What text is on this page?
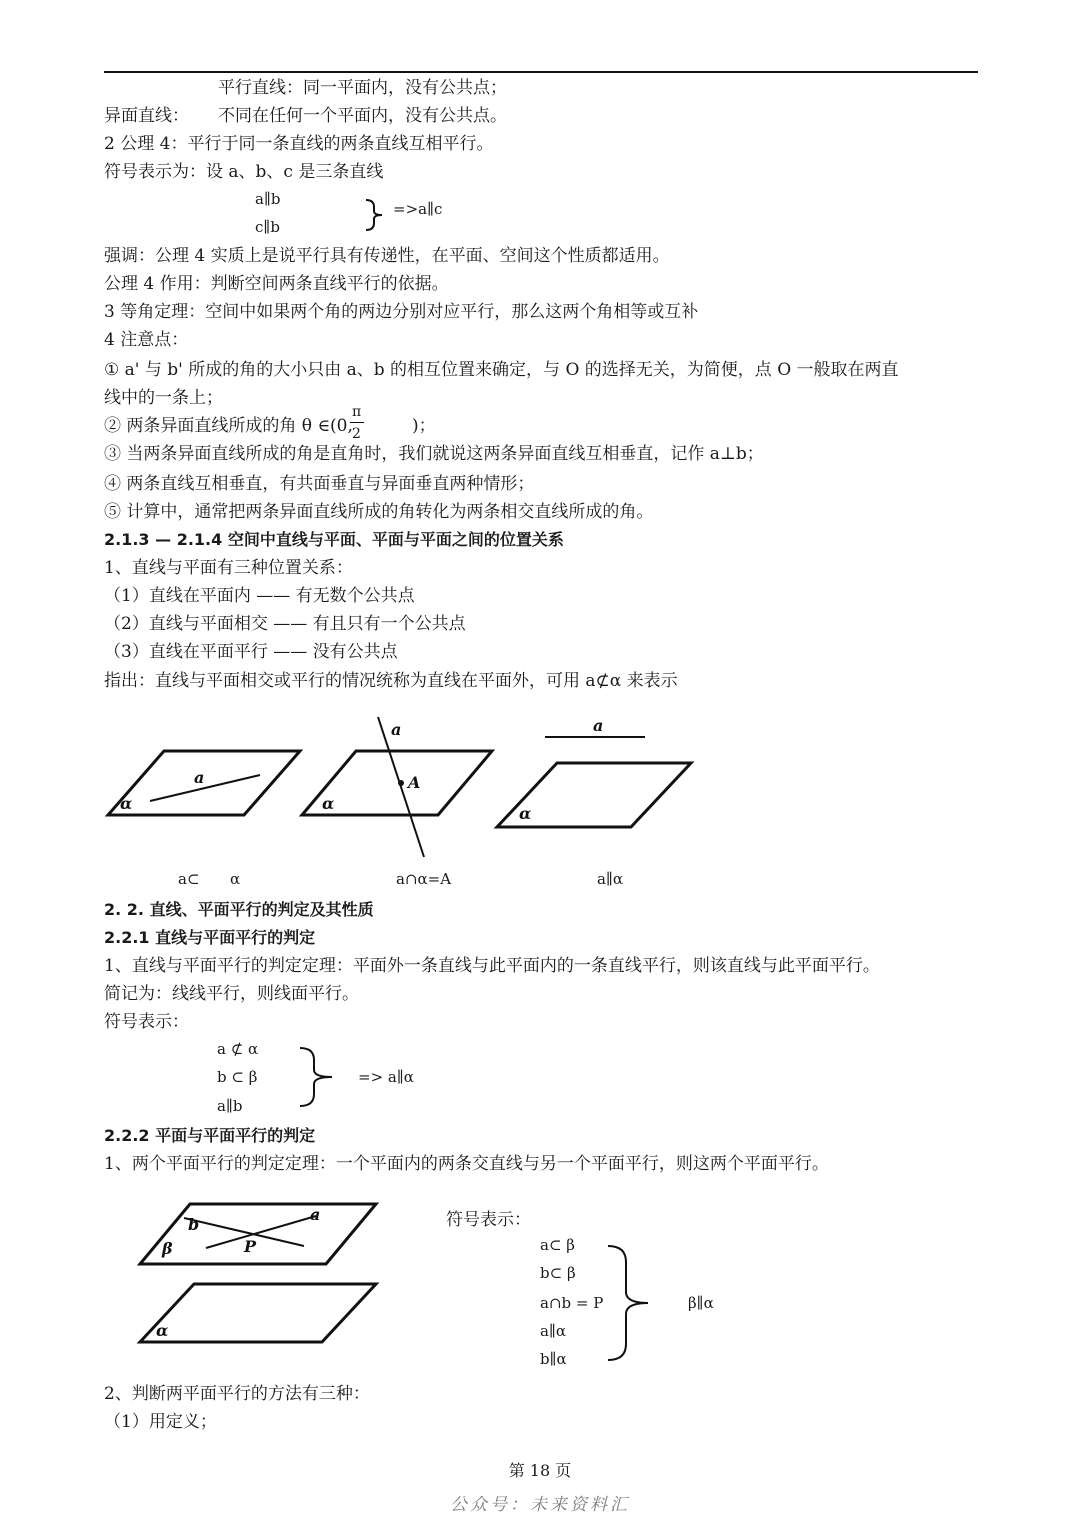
平行直线：同一平面内，没有公共点；
异面直线： 不同在任何一个平面内，没有公共点。
2 公理 4：平行于同一条直线的两条直线互相平行。
符号表示为：设 a、b、c 是三条直线
a∥b
c∥b
=>a∥c
强调：公理 4 实质上是说平行具有传递性，在平面、空间这个性质都适用。
公理 4 作用：判断空间两条直线平行的依据。
3 等角定理：空间中如果两个角的两边分别对应平行，那么这两个角相等或互补
4 注意点：
① a' 与 b' 所成的角的大小只由 a、b 的相互位置来确定，与 O 的选择无关，为简便，点 O 一般取在两直
线中的一条上；
② 两条异面直线所成的角 θ ∈(0,
π
2	)；
③ 当两条异面直线所成的角是直角时，我们就说这两条异面直线互相垂直，记作 a⊥b；
④ 两条直线互相垂直，有共面垂直与异面垂直两种情形；
⑤ 计算中，通常把两条异面直线所成的角转化为两条相交直线所成的角。
2.1.3 — 2.1.4 空间中直线与平面、平面与平面之间的位置关系
1、直线与平面有三种位置关系：
（1）直线在平面内 —— 有无数个公共点
（2）直线与平面相交 —— 有且只有一个公共点
（3）直线在平面平行 —— 没有公共点
指出：直线与平面相交或平行的情况统称为直线在平面外，可用 a⊄α 来表示
a
α
a
A
α
a
α
a⊂ α	a∩α=A	a∥α
2. 2. 直线、平面平行的判定及其性质
2.2.1 直线与平面平行的判定
1、直线与平面平行的判定定理：平面外一条直线与此平面内的一条直线平行，则该直线与此平面平行。
简记为：线线平行，则线面平行。
符号表示：
a ⊄ α
b ⊂ β
a∥b
=> a∥α
2.2.2 平面与平面平行的判定
1、两个平面平行的判定定理：一个平面内的两条交直线与另一个平面平行，则这两个平面平行。
a
b
P
β
α
符号表示：
a⊂ β
b⊂ β
a∩b = P
a∥α
b∥α
β∥α
2、判断两平面平行的方法有三种：
（1）用定义；
第 18 页
公众号：未来资料汇
